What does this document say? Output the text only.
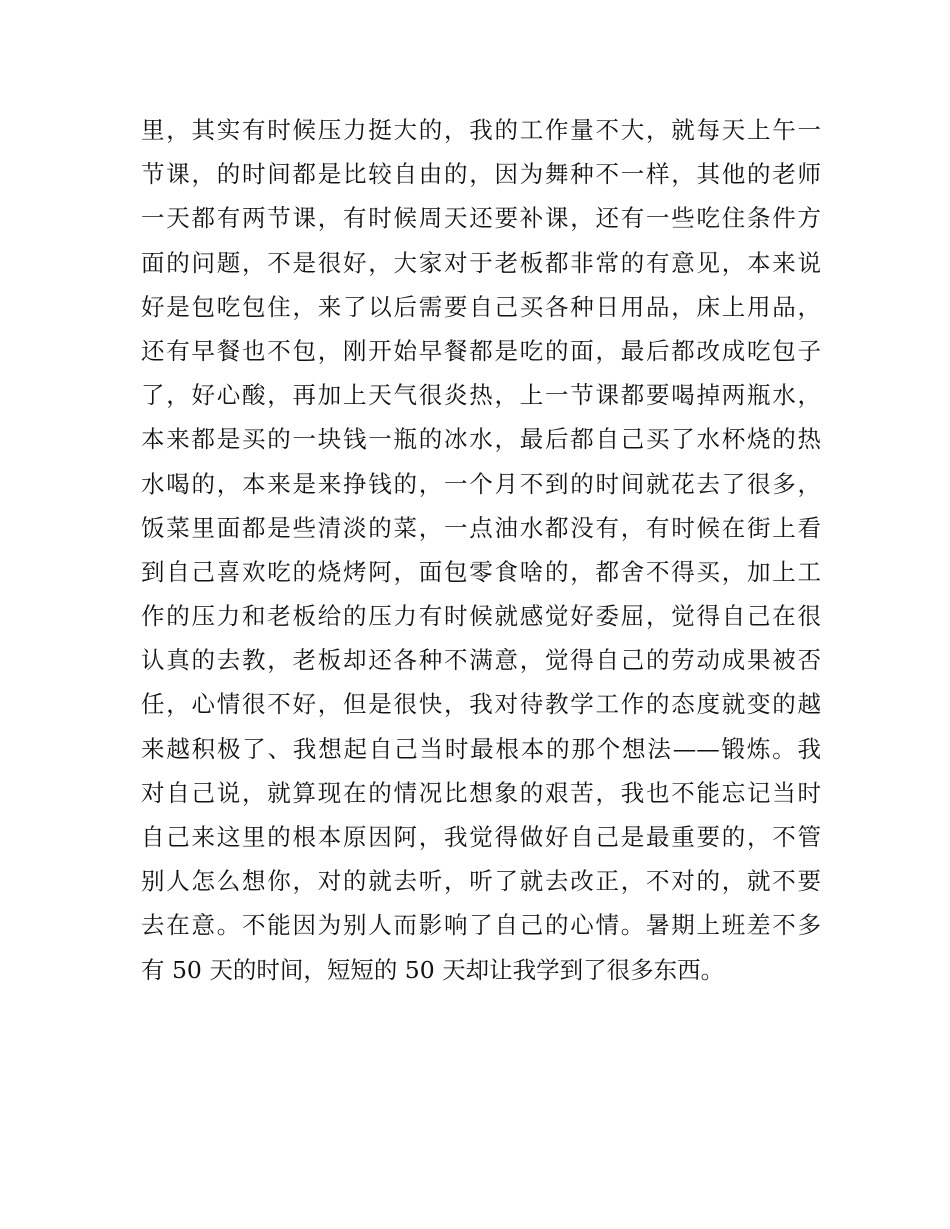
里，其实有时候压力挺大的，我的工作量不大，就每天上午一
节课，的时间都是比较自由的，因为舞种不一样，其他的老师
一天都有两节课，有时候周天还要补课，还有一些吃住条件方
面的问题，不是很好，大家对于老板都非常的有意见，本来说
好是包吃包住，来了以后需要自己买各种日用品，床上用品，
还有早餐也不包，刚开始早餐都是吃的面，最后都改成吃包子
了，好心酸，再加上天气很炎热，上一节课都要喝掉两瓶水，
本来都是买的一块钱一瓶的冰水，最后都自己买了水杯烧的热
水喝的，本来是来挣钱的，一个月不到的时间就花去了很多，
饭菜里面都是些清淡的菜，一点油水都没有，有时候在街上看
到自己喜欢吃的烧烤阿，面包零食啥的，都舍不得买，加上工
作的压力和老板给的压力有时候就感觉好委屈，觉得自己在很
认真的去教，老板却还各种不满意，觉得自己的劳动成果被否
任，心情很不好，但是很快，我对待教学工作的态度就变的越
来越积极了、我想起自己当时最根本的那个想法——锻炼。我
对自己说，就算现在的情况比想象的艰苦，我也不能忘记当时
自己来这里的根本原因阿，我觉得做好自己是最重要的，不管
别人怎么想你，对的就去听，听了就去改正，不对的，就不要
去在意。不能因为别人而影响了自己的心情。暑期上班差不多
有 50 天的时间，短短的 50 天却让我学到了很多东西。
